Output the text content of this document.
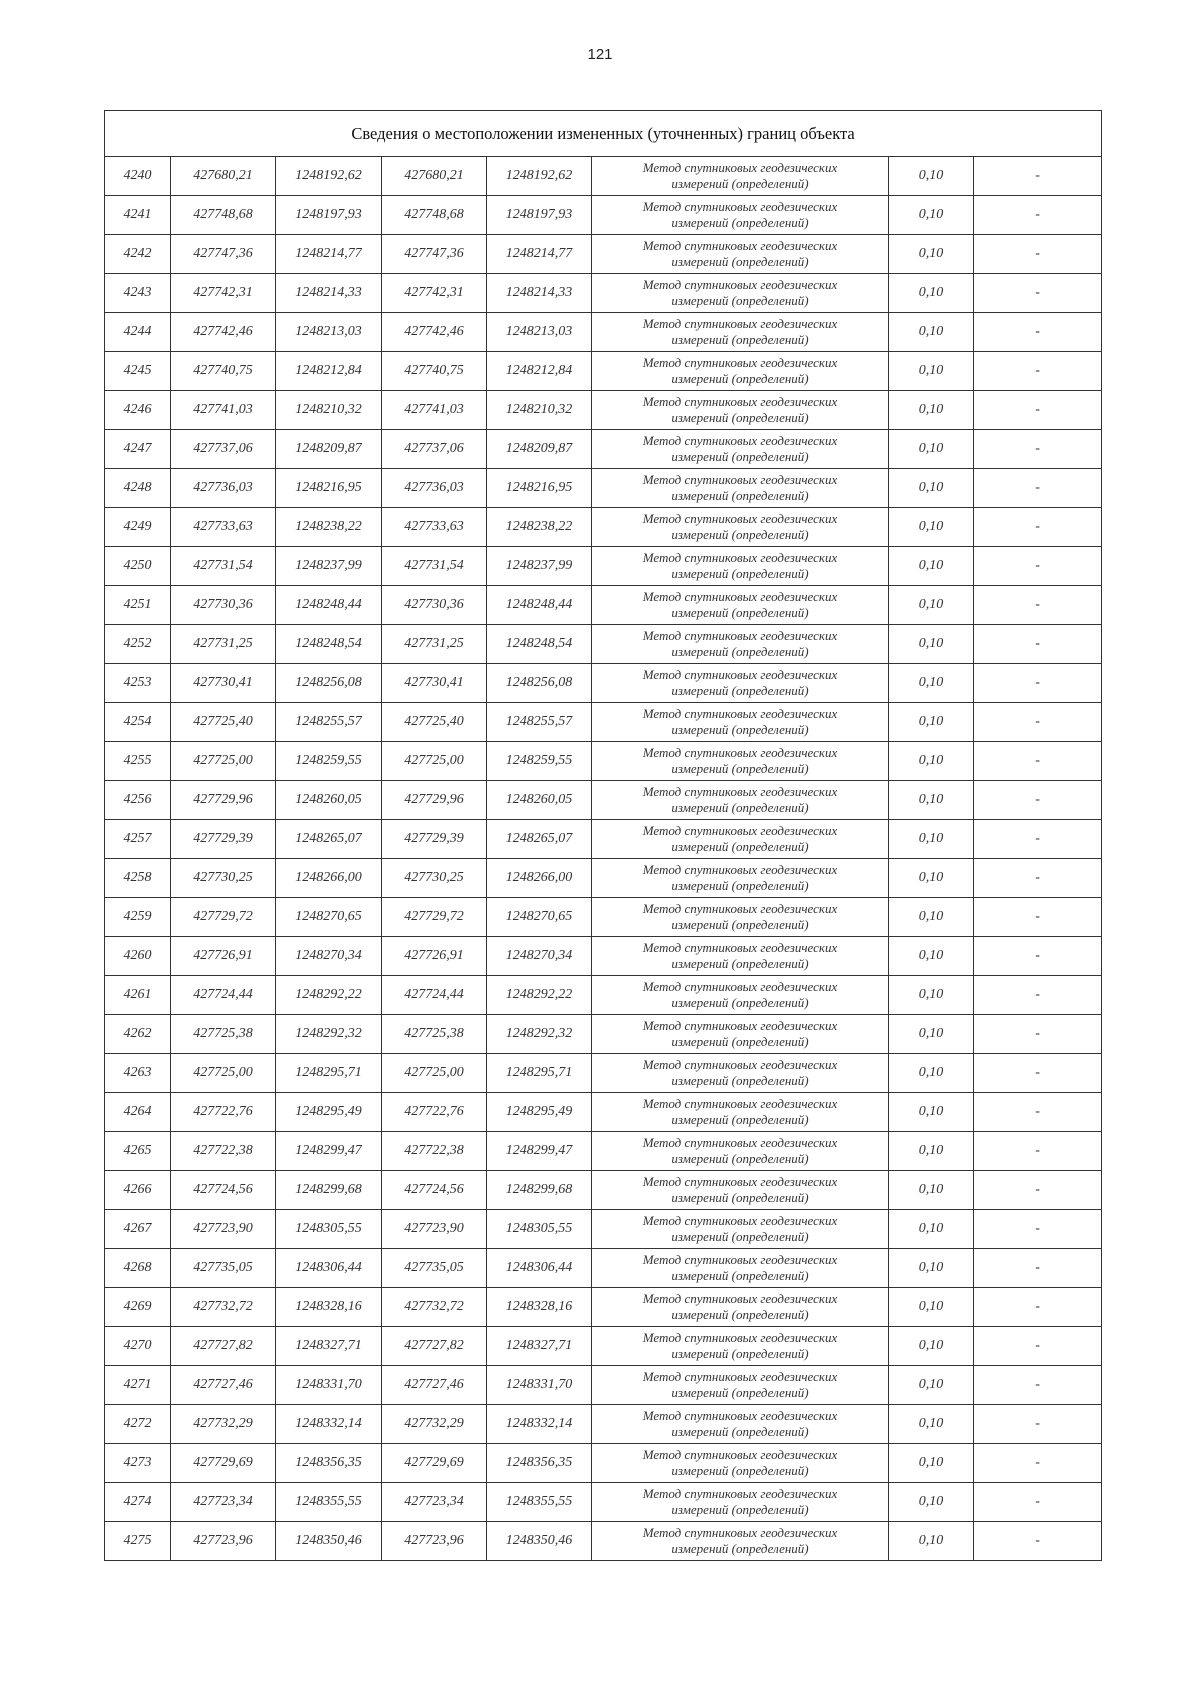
121
Сведения о местоположении измененных (уточненных) границ объекта							
4240	427680,21	1248192,62	427680,21	1248192,62	Метод спутниковых геодезических
измерений (определений)	0,10	-
4241	427748,68	1248197,93	427748,68	1248197,93	Метод спутниковых геодезических
измерений (определений)	0,10	-
4242	427747,36	1248214,77	427747,36	1248214,77	Метод спутниковых геодезических
измерений (определений)	0,10	-
4243	427742,31	1248214,33	427742,31	1248214,33	Метод спутниковых геодезических
измерений (определений)	0,10	-
4244	427742,46	1248213,03	427742,46	1248213,03	Метод спутниковых геодезических
измерений (определений)	0,10	-
4245	427740,75	1248212,84	427740,75	1248212,84	Метод спутниковых геодезических
измерений (определений)	0,10	-
4246	427741,03	1248210,32	427741,03	1248210,32	Метод спутниковых геодезических
измерений (определений)	0,10	-
4247	427737,06	1248209,87	427737,06	1248209,87	Метод спутниковых геодезических
измерений (определений)	0,10	-
4248	427736,03	1248216,95	427736,03	1248216,95	Метод спутниковых геодезических
измерений (определений)	0,10	-
4249	427733,63	1248238,22	427733,63	1248238,22	Метод спутниковых геодезических
измерений (определений)	0,10	-
4250	427731,54	1248237,99	427731,54	1248237,99	Метод спутниковых геодезических
измерений (определений)	0,10	-
4251	427730,36	1248248,44	427730,36	1248248,44	Метод спутниковых геодезических
измерений (определений)	0,10	-
4252	427731,25	1248248,54	427731,25	1248248,54	Метод спутниковых геодезических
измерений (определений)	0,10	-
4253	427730,41	1248256,08	427730,41	1248256,08	Метод спутниковых геодезических
измерений (определений)	0,10	-
4254	427725,40	1248255,57	427725,40	1248255,57	Метод спутниковых геодезических
измерений (определений)	0,10	-
4255	427725,00	1248259,55	427725,00	1248259,55	Метод спутниковых геодезических
измерений (определений)	0,10	-
4256	427729,96	1248260,05	427729,96	1248260,05	Метод спутниковых геодезических
измерений (определений)	0,10	-
4257	427729,39	1248265,07	427729,39	1248265,07	Метод спутниковых геодезических
измерений (определений)	0,10	-
4258	427730,25	1248266,00	427730,25	1248266,00	Метод спутниковых геодезических
измерений (определений)	0,10	-
4259	427729,72	1248270,65	427729,72	1248270,65	Метод спутниковых геодезических
измерений (определений)	0,10	-
4260	427726,91	1248270,34	427726,91	1248270,34	Метод спутниковых геодезических
измерений (определений)	0,10	-
4261	427724,44	1248292,22	427724,44	1248292,22	Метод спутниковых геодезических
измерений (определений)	0,10	-
4262	427725,38	1248292,32	427725,38	1248292,32	Метод спутниковых геодезических
измерений (определений)	0,10	-
4263	427725,00	1248295,71	427725,00	1248295,71	Метод спутниковых геодезических
измерений (определений)	0,10	-
4264	427722,76	1248295,49	427722,76	1248295,49	Метод спутниковых геодезических
измерений (определений)	0,10	-
4265	427722,38	1248299,47	427722,38	1248299,47	Метод спутниковых геодезических
измерений (определений)	0,10	-
4266	427724,56	1248299,68	427724,56	1248299,68	Метод спутниковых геодезических
измерений (определений)	0,10	-
4267	427723,90	1248305,55	427723,90	1248305,55	Метод спутниковых геодезических
измерений (определений)	0,10	-
4268	427735,05	1248306,44	427735,05	1248306,44	Метод спутниковых геодезических
измерений (определений)	0,10	-
4269	427732,72	1248328,16	427732,72	1248328,16	Метод спутниковых геодезических
измерений (определений)	0,10	-
4270	427727,82	1248327,71	427727,82	1248327,71	Метод спутниковых геодезических
измерений (определений)	0,10	-
4271	427727,46	1248331,70	427727,46	1248331,70	Метод спутниковых геодезических
измерений (определений)	0,10	-
4272	427732,29	1248332,14	427732,29	1248332,14	Метод спутниковых геодезических
измерений (определений)	0,10	-
4273	427729,69	1248356,35	427729,69	1248356,35	Метод спутниковых геодезических
измерений (определений)	0,10	-
4274	427723,34	1248355,55	427723,34	1248355,55	Метод спутниковых геодезических
измерений (определений)	0,10	-
4275	427723,96	1248350,46	427723,96	1248350,46	Метод спутниковых геодезических
измерений (определений)	0,10	-
